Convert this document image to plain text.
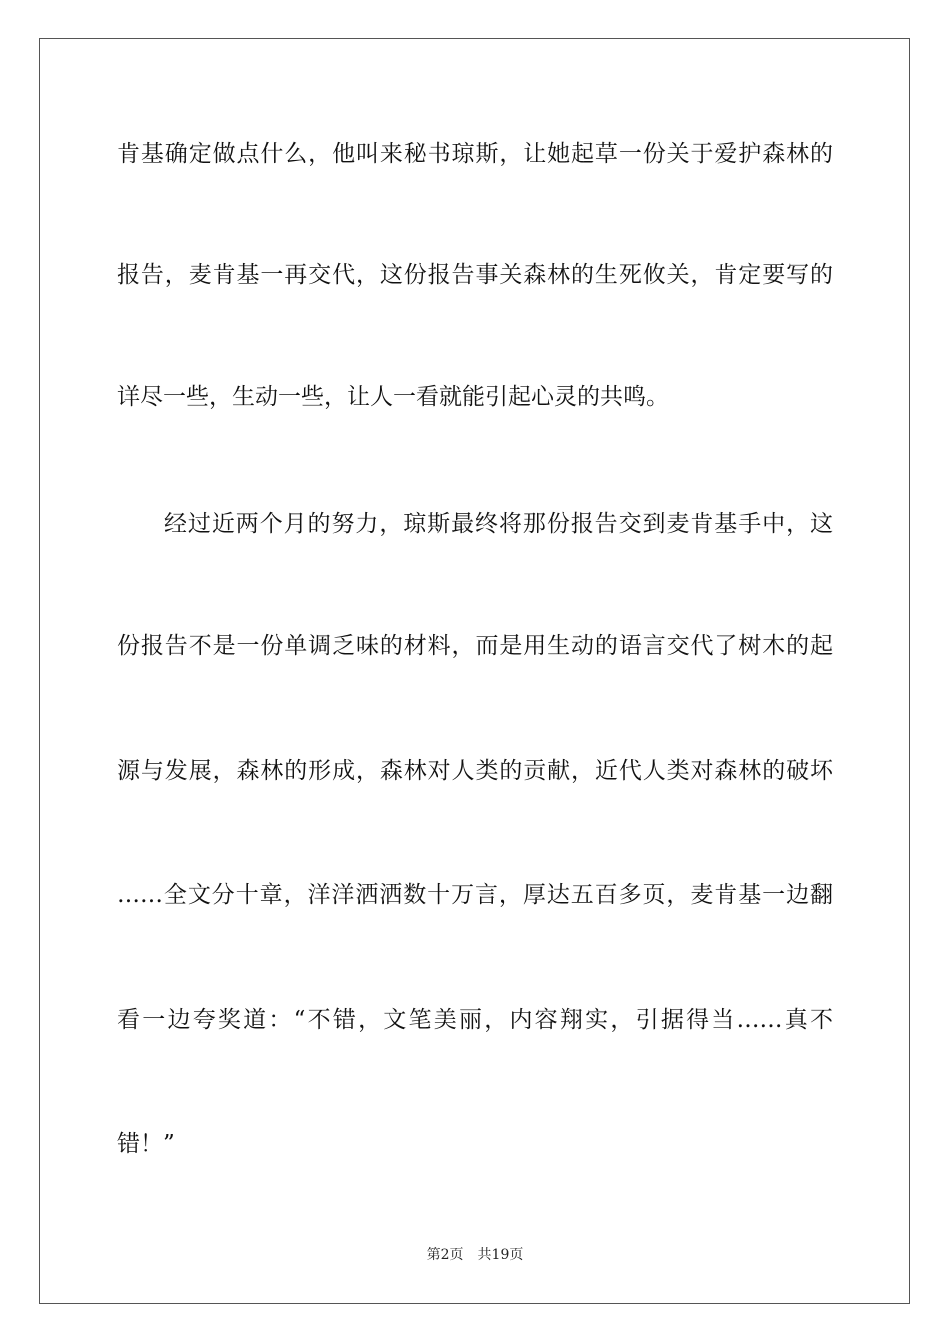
肯基确定做点什么，他叫来秘书琼斯，让她起草一份关于爱护森林的
报告，麦肯基一再交代，这份报告事关森林的生死攸关，肯定要写的
详尽一些，生动一些，让人一看就能引起心灵的共鸣。
经过近两个月的努力，琼斯最终将那份报告交到麦肯基手中，这
份报告不是一份单调乏味的材料，而是用生动的语言交代了树木的起
源与发展，森林的形成，森林对人类的贡献，近代人类对森林的破坏
……全文分十章，洋洋洒洒数十万言，厚达五百多页，麦肯基一边翻
看一边夸奖道：“不错，文笔美丽，内容翔实，引据得当……真不
错！”
第2页 共19页
